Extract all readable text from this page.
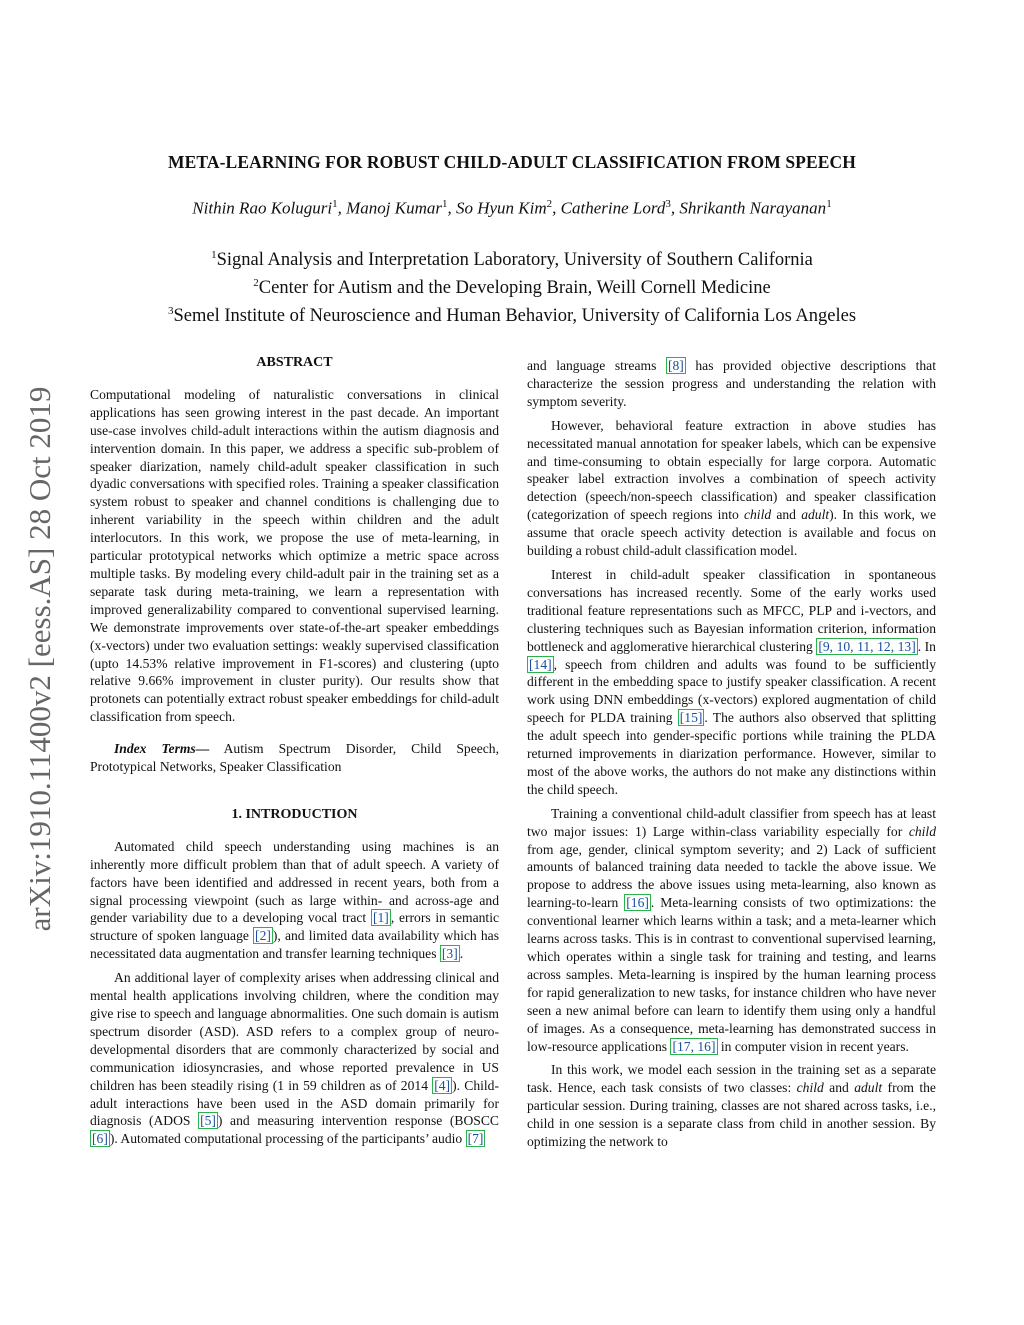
META-LEARNING FOR ROBUST CHILD-ADULT CLASSIFICATION FROM SPEECH
Nithin Rao Koluguri$^1$, Manoj Kumar$^1$, So Hyun Kim$^2$, Catherine Lord$^3$, Shrikanth Narayanan$^1$
$^1$Signal Analysis and Interpretation Laboratory, University of Southern California
$^2$Center for Autism and the Developing Brain, Weill Cornell Medicine
$^3$Semel Institute of Neuroscience and Human Behavior, University of California Los Angeles
arXiv:1910.11400v2 [eess.AS] 28 Oct 2019
ABSTRACT

Computational modeling of naturalistic conversations in clinical applications has seen growing interest in the past decade. An important use-case involves child-adult interactions within the autism diagnosis and intervention domain. In this paper, we address a specific sub-problem of speaker diarization, namely child-adult speaker classification in such dyadic conversations with specified roles. Training a speaker classification system robust to speaker and channel conditions is challenging due to inherent variability in the speech within children and the adult interlocutors. In this work, we propose the use of meta-learning, in particular prototypical networks which optimize a metric space across multiple tasks. By modeling every child-adult pair in the training set as a separate task during meta-training, we learn a representation with improved generalizability compared to conventional supervised learning. We demonstrate improvements over state-of-the-art speaker embeddings (x-vectors) under two evaluation settings: weakly supervised classification (upto 14.53% relative improvement in F1-scores) and clustering (upto relative 9.66% improvement in cluster purity). Our results show that protonets can potentially extract robust speaker embeddings for child-adult classification from speech.

Index Terms— Autism Spectrum Disorder, Child Speech, Prototypical Networks, Speaker Classification

1. INTRODUCTION

Automated child speech understanding using machines is an inherently more difficult problem than that of adult speech. A variety of factors have been identified and addressed in recent years, both from a signal processing viewpoint (such as large within- and across-age and gender variability due to a developing vocal tract [1] , errors in semantic structure of spoken language [2] ), and limited data availability which has necessitated data augmentation and transfer learning techniques [3] .

An additional layer of complexity arises when addressing clinical and mental health applications involving children, where the condition may give rise to speech and language abnormalities. One such domain is autism spectrum disorder (ASD). ASD refers to a complex group of neuro-developmental disorders that are commonly characterized by social and communication idiosyncrasies, and whose reported prevalence in US children has been steadily rising (1 in 59 children as of 2014 [4] ). Child-adult interactions have been used in the ASD domain primarily for diagnosis (ADOS [5] ) and measuring intervention response (BOSCC [6] ). Automated computational processing of the participants’ audio [7]

and language streams [8] has provided objective descriptions that characterize the session progress and understanding the relation with symptom severity.

However, behavioral feature extraction in above studies has necessitated manual annotation for speaker labels, which can be expensive and time-consuming to obtain especially for large corpora. Automatic speaker label extraction involves a combination of speech activity detection (speech/non-speech classification) and speaker classification (categorization of speech regions into child and adult). In this work, we assume that oracle speech activity detection is available and focus on building a robust child-adult classification model.

Interest in child-adult speaker classification in spontaneous conversations has increased recently. Some of the early works used traditional feature representations such as MFCC, PLP and i-vectors, and clustering techniques such as Bayesian information criterion, information bottleneck and agglomerative hierarchical clustering [9, 10, 11, 12, 13] . In [14] , speech from children and adults was found to be sufficiently different in the embedding space to justify speaker classification. A recent work using DNN embeddings (x-vectors) explored augmentation of child speech for PLDA training [15] . The authors also observed that splitting the adult speech into gender-specific portions while training the PLDA returned improvements in diarization performance. However, similar to most of the above works, the authors do not make any distinctions within the child speech.

Training a conventional child-adult classifier from speech has at least two major issues: 1) Large within-class variability especially for child from age, gender, clinical symptom severity; and 2) Lack of sufficient amounts of balanced training data needed to tackle the above issue. We propose to address the above issues using meta-learning, also known as learning-to-learn [16] . Meta-learning consists of two optimizations: the conventional learner which learns within a task; and a meta-learner which learns across tasks. This is in contrast to conventional supervised learning, which operates within a single task for training and testing, and learns across samples. Meta-learning is inspired by the human learning process for rapid generalization to new tasks, for instance children who have never seen a new animal before can learn to identify them using only a handful of images. As a consequence, meta-learning has demonstrated success in low-resource applications [17, 16] in computer vision in recent years.

In this work, we model each session in the training set as a separate task. Hence, each task consists of two classes: child and adult from the particular session. During training, classes are not shared across tasks, i.e., child in one session is a separate class from child in another session. By optimizing the network to
